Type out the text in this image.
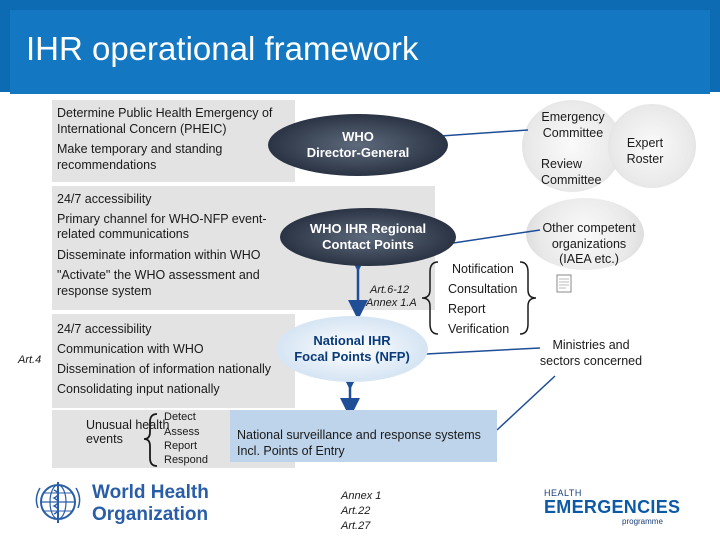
IHR operational framework
Determine Public Health Emergency of
International Concern (PHEIC)
Make temporary and standing
recommendations
WHO
Director-General
Emergency
Committee
Review
Committee
Expert
Roster
24/7 accessibility
Primary channel for WHO-NFP event-
related communications
Disseminate information within WHO
"Activate" the WHO assessment and
response system
WHO IHR Regional
Contact Points
Other competent
organizations
(IAEA etc.)
Notification
Consultation
Report
Verification
Art.6-12
Annex 1.A
Art.4
24/7 accessibility
Communication with WHO
Dissemination of information nationally
Consolidating input nationally
National IHR
Focal Points (NFP)
Ministries and
sectors concerned
Unusual health
events
Detect
Assess
Report
Respond
National surveillance and response systems
Incl. Points of Entry
Annex 1
Art.22
Art.27
World Health
Organization
HEALTH
EMERGENCIES
programme
